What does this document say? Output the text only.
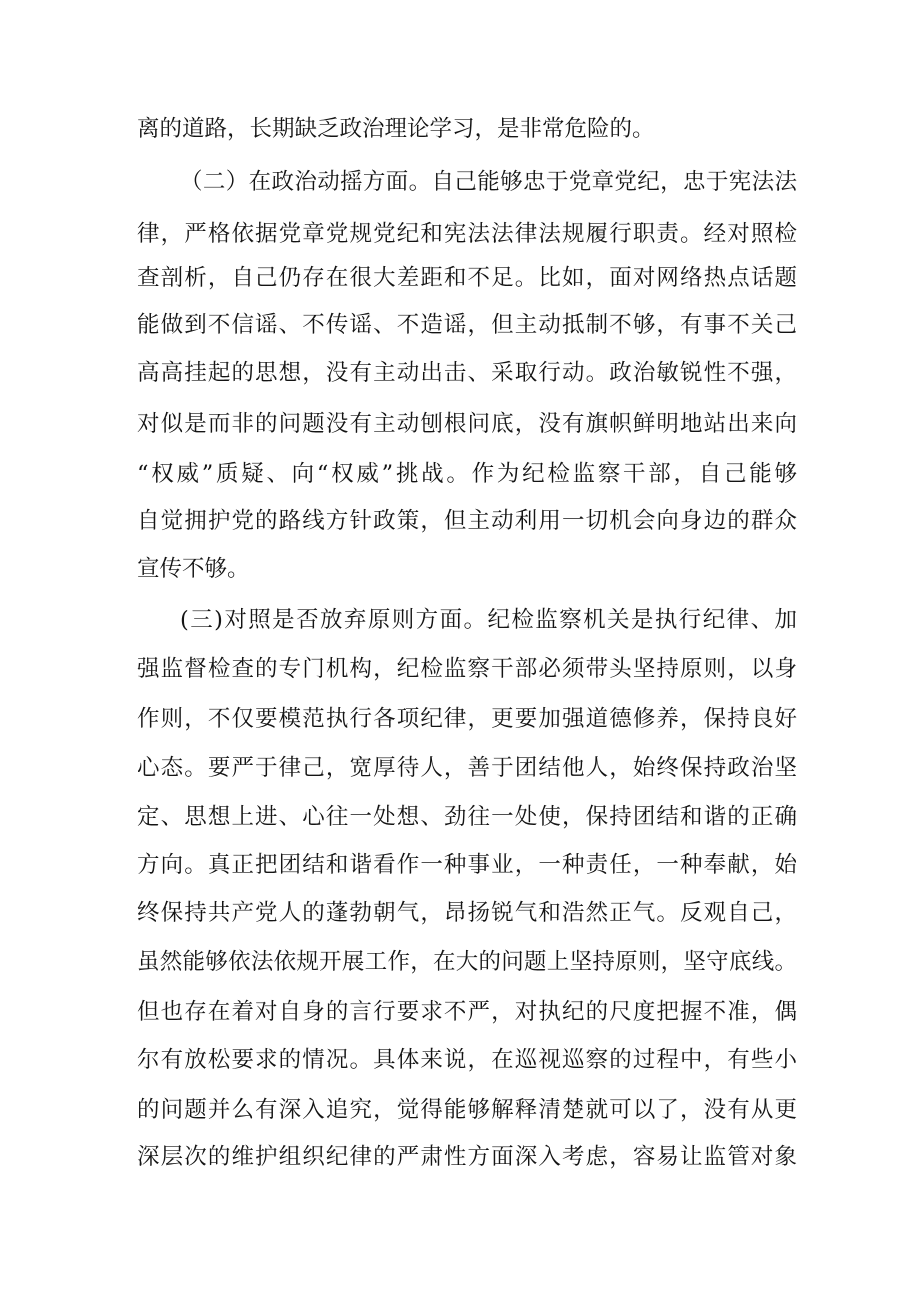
离的道路，长期缺乏政治理论学习，是非常危险的。
（二）在政治动摇方面。自己能够忠于党章党纪，忠于宪法法
律，严格依据党章党规党纪和宪法法律法规履行职责。经对照检
查剖析，自己仍存在很大差距和不足。比如，面对网络热点话题
能做到不信谣、不传谣、不造谣，但主动抵制不够，有事不关己
高高挂起的思想，没有主动出击、采取行动。政治敏锐性不强，
对似是而非的问题没有主动刨根问底，没有旗帜鲜明地站出来向
“权威”质疑、向“权威”挑战。作为纪检监察干部，自己能够
自觉拥护党的路线方针政策，但主动利用一切机会向身边的群众
宣传不够。
(三)对照是否放弃原则方面。纪检监察机关是执行纪律、加
强监督检查的专门机构，纪检监察干部必须带头坚持原则，以身
作则，不仅要模范执行各项纪律，更要加强道德修养，保持良好
心态。要严于律己，宽厚待人，善于团结他人，始终保持政治坚
定、思想上进、心往一处想、劲往一处使，保持团结和谐的正确
方向。真正把团结和谐看作一种事业，一种责任，一种奉献，始
终保持共产党人的蓬勃朝气，昂扬锐气和浩然正气。反观自己，
虽然能够依法依规开展工作，在大的问题上坚持原则，坚守底线。
但也存在着对自身的言行要求不严，对执纪的尺度把握不准，偶
尔有放松要求的情况。具体来说，在巡视巡察的过程中，有些小
的问题并么有深入追究，觉得能够解释清楚就可以了，没有从更
深层次的维护组织纪律的严肃性方面深入考虑，容易让监管对象
